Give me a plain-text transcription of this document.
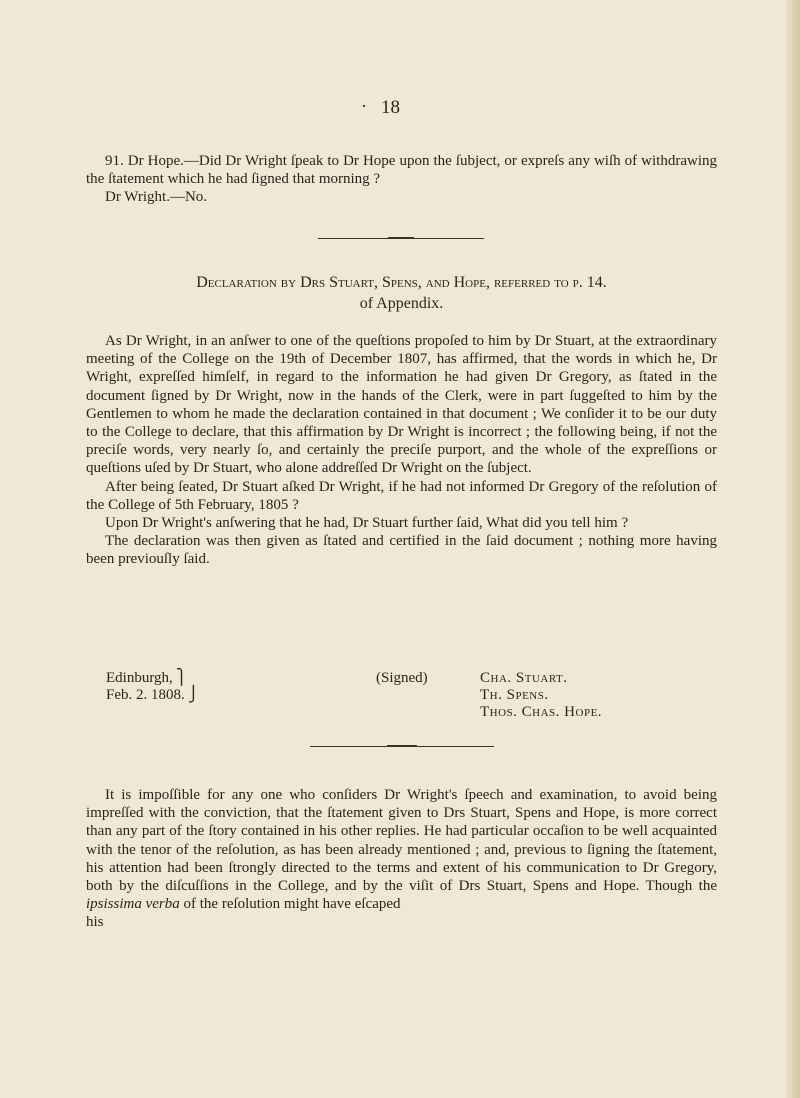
· 18

91. Dr Hope.—Did Dr Wright ſpeak to Dr Hope upon the ſubject, or expreſs any wiſh of withdrawing the ſtatement which he had ſigned that morning ?

Dr Wright.—No.

Declaration by Drs Stuart, Spens, and Hope, referred to p. 14.
of Appendix.

As Dr Wright, in an anſwer to one of the queſtions propoſed to him by Dr Stuart, at the extraordinary meeting of the College on the 19th of December 1807, has affirmed, that the words in which he, Dr Wright, expreſſed himſelf, in regard to the information he had given Dr Gregory, as ſtated in the document ſigned by Dr Wright, now in the hands of the Clerk, were in part ſuggeſted to him by the Gentlemen to whom he made the declaration contained in that document ; We conſider it to be our duty to the College to declare, that this affirmation by Dr Wright is incorrect ; the following being, if not the preciſe words, very nearly ſo, and certainly the preciſe purport, and the whole of the expreſſions or queſtions uſed by Dr Stuart, who alone addreſſed Dr Wright on the ſubject.

After being ſeated, Dr Stuart aſked Dr Wright, if he had not informed Dr Gregory of the reſolution of the College of 5th February, 1805 ?

Upon Dr Wright's anſwering that he had, Dr Stuart further ſaid, What did you tell him ?

The declaration was then given as ſtated and certified in the ſaid document ; nothing more having been previouſly ſaid.

Edinburgh, ⎫
Feb. 2. 1808. ⎭
(Signed)	Cha. Stuart.
Th. Spens.
Thos. Chas. Hope.

It is impoſſible for any one who conſiders Dr Wright's ſpeech and examination, to avoid being impreſſed with the conviction, that the ſtatement given to Drs Stuart, Spens and Hope, is more correct than any part of the ſtory contained in his other replies. He had particular occaſion to be well acquainted with the tenor of the reſolution, as has been already mentioned ; and, previous to ſigning the ſtatement, his attention had been ſtrongly directed to the terms and extent of his communication to Dr Gregory, both by the diſcuſſions in the College, and by the viſit of Drs Stuart, Spens and Hope. Though the ipsissima verba of the reſolution might have eſcaped

his
